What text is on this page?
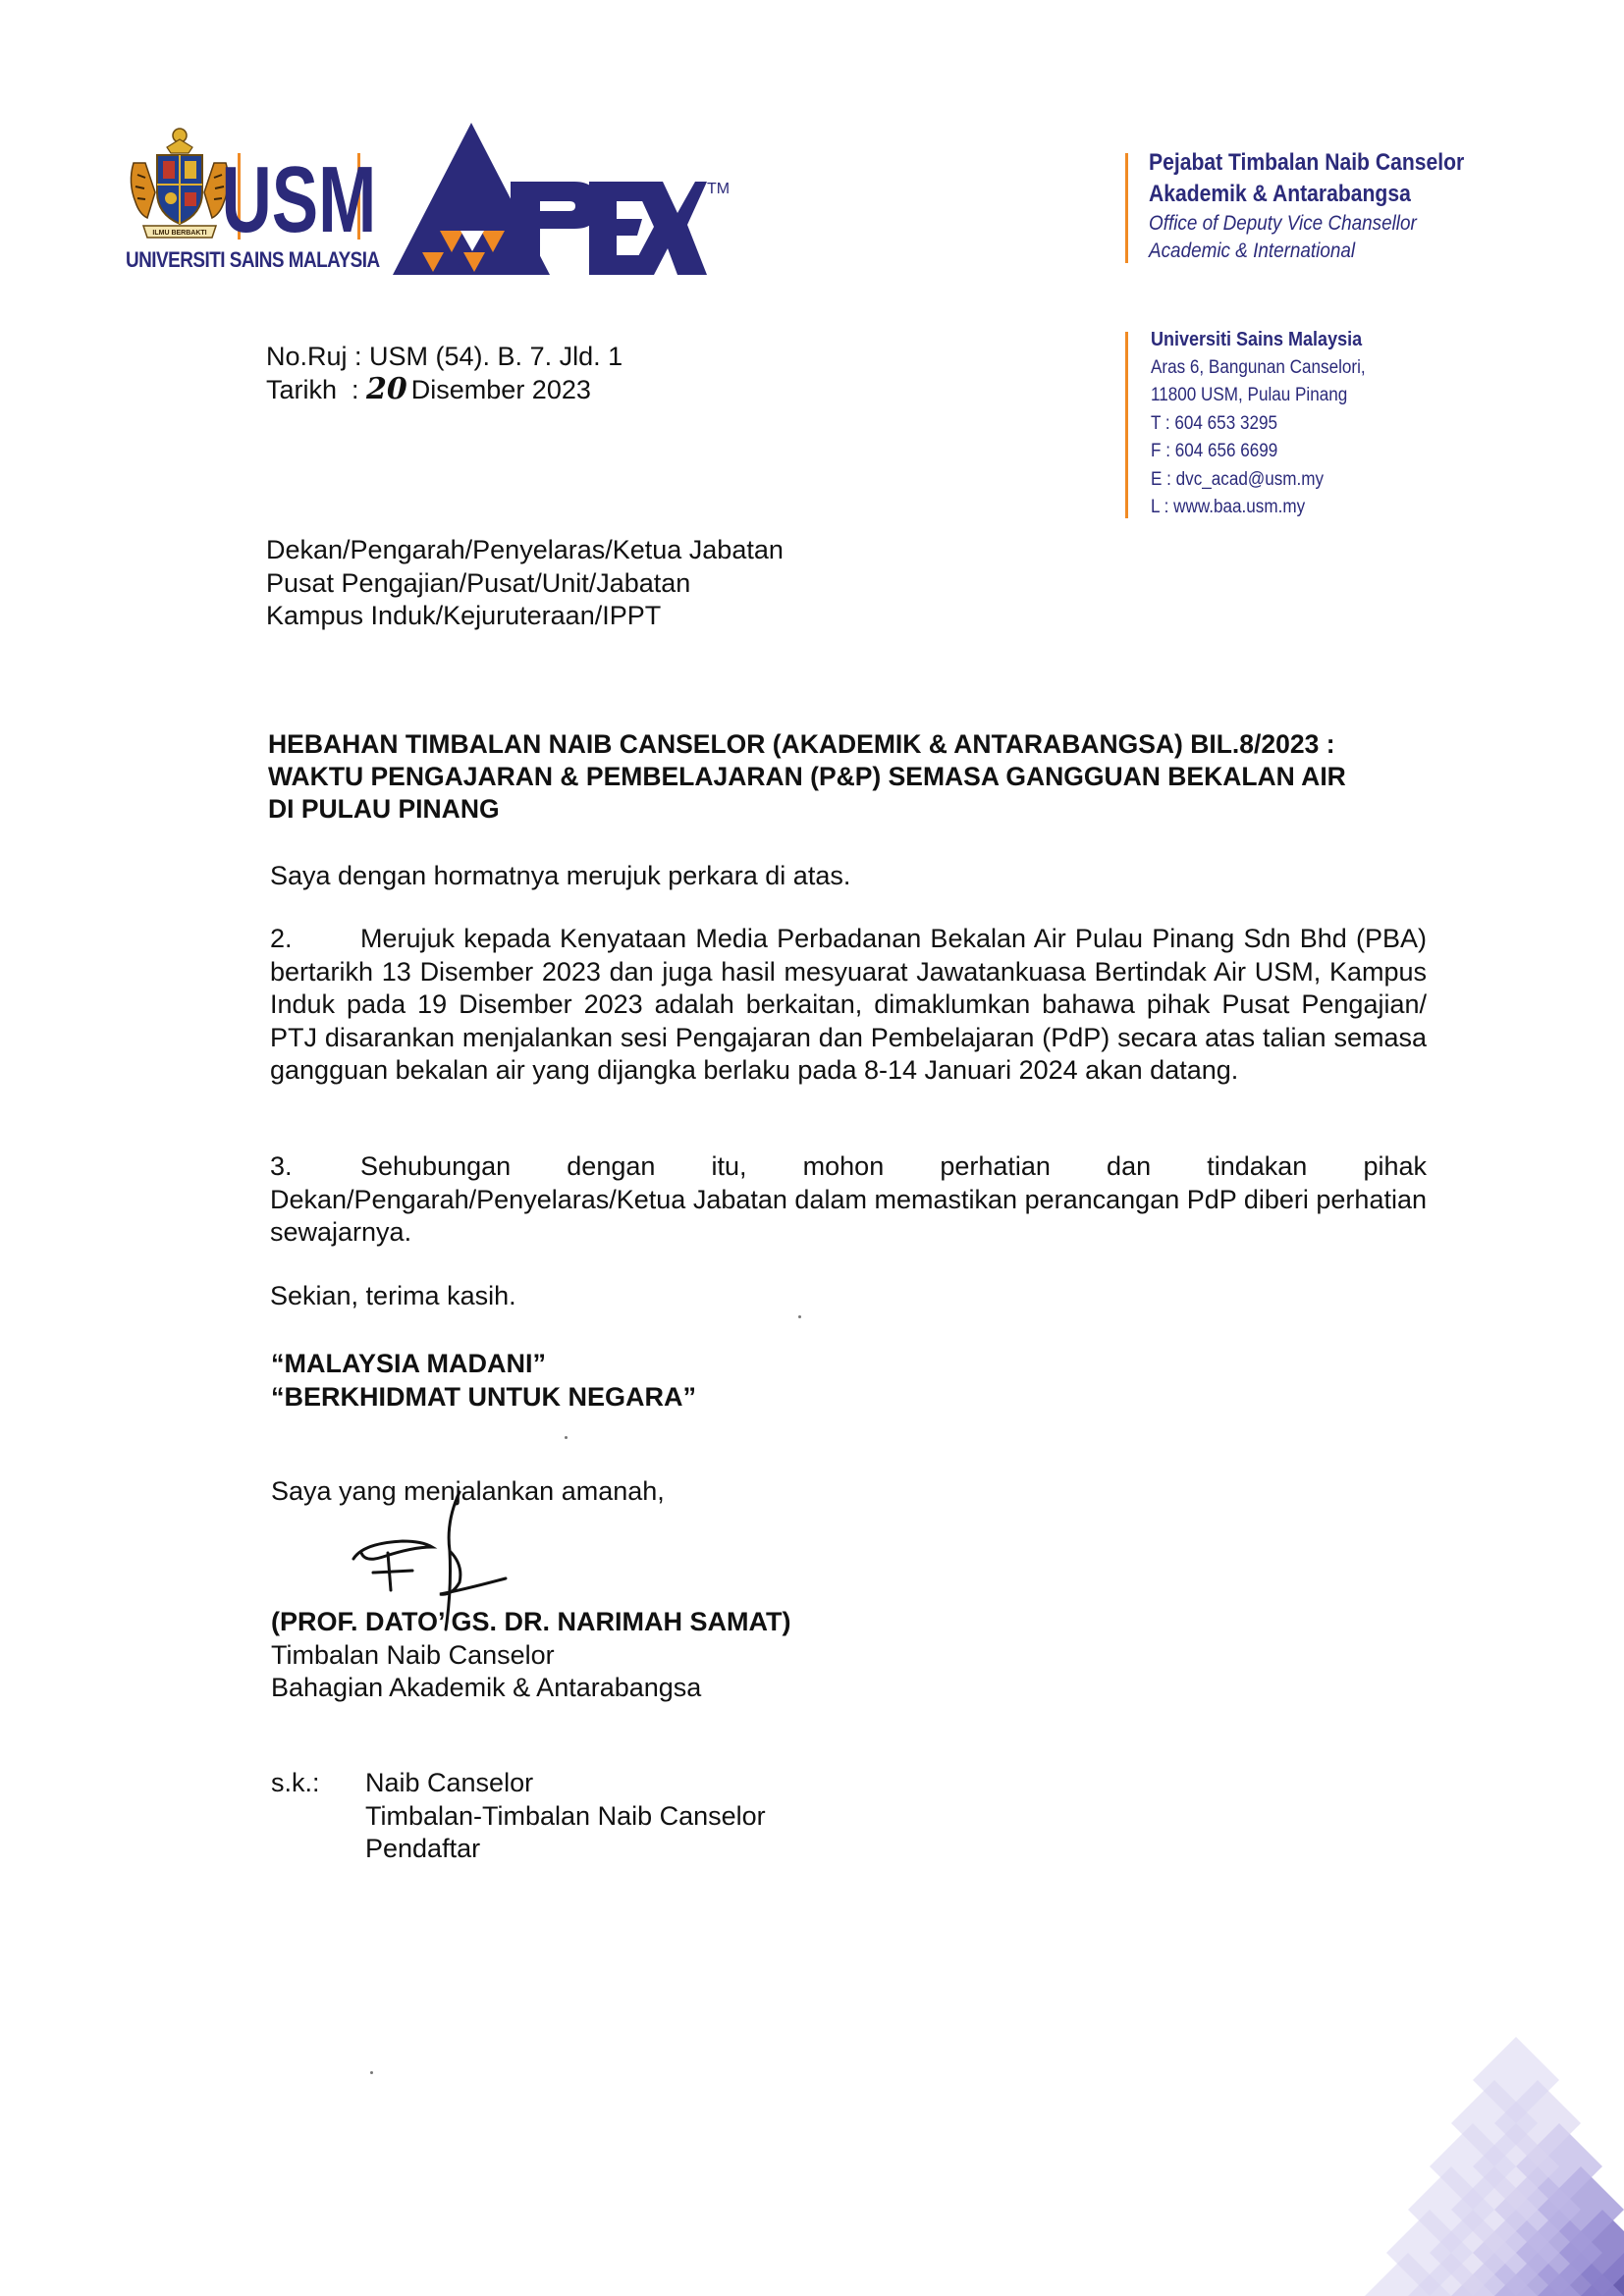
ILMU BERBAKTI USM
UNIVERSITI SAINS MALAYSIA
TM
Pejabat Timbalan Naib Canselor
Akademik & Antarabangsa
Office of Deputy Vice Chansellor
Academic & International
Universiti Sains Malaysia
Aras 6, Bangunan Canselori,
11800 USM, Pulau Pinang
T : 604 653 3295
F : 604 656 6699
E : dvc_acad@usm.my
L : www.baa.usm.my
No.Ruj : USM (54). B. 7. Jld. 1
Tarikh  : 20 Disember 2023
Dekan/Pengarah/Penyelaras/Ketua Jabatan
Pusat Pengajian/Pusat/Unit/Jabatan
Kampus Induk/Kejuruteraan/IPPT
HEBAHAN TIMBALAN NAIB CANSELOR (AKADEMIK & ANTARABANGSA) BIL.8/2023 :
WAKTU PENGAJARAN & PEMBELAJARAN (P&P) SEMASA GANGGUAN BEKALAN AIR
DI PULAU PINANG
Saya dengan hormatnya merujuk perkara di atas.
2.	Merujuk kepada Kenyataan Media Perbadanan Bekalan Air Pulau Pinang Sdn Bhd (PBA) bertarikh 13 Disember 2023 dan juga hasil mesyuarat Jawatankuasa Bertindak Air USM, Kampus Induk pada 19 Disember 2023 adalah berkaitan, dimaklumkan bahawa pihak Pusat Pengajian/ PTJ disarankan menjalankan sesi Pengajaran dan Pembelajaran (PdP) secara atas talian semasa gangguan bekalan air yang dijangka berlaku pada 8-14 Januari 2024 akan datang.
3.	Sehubungan dengan itu, mohon perhatian dan tindakan pihak Dekan/Pengarah/Penyelaras/Ketua Jabatan dalam memastikan perancangan PdP diberi perhatian sewajarnya.
Sekian, terima kasih.
“MALAYSIA MADANI”
“BERKHIDMAT UNTUK NEGARA”
Saya yang menjalankan amanah,
(PROF. DATO’ GS. DR. NARIMAH SAMAT)
Timbalan Naib Canselor
Bahagian Akademik & Antarabangsa
s.k.: Naib Canselor
Timbalan-Timbalan Naib Canselor
Pendaftar
